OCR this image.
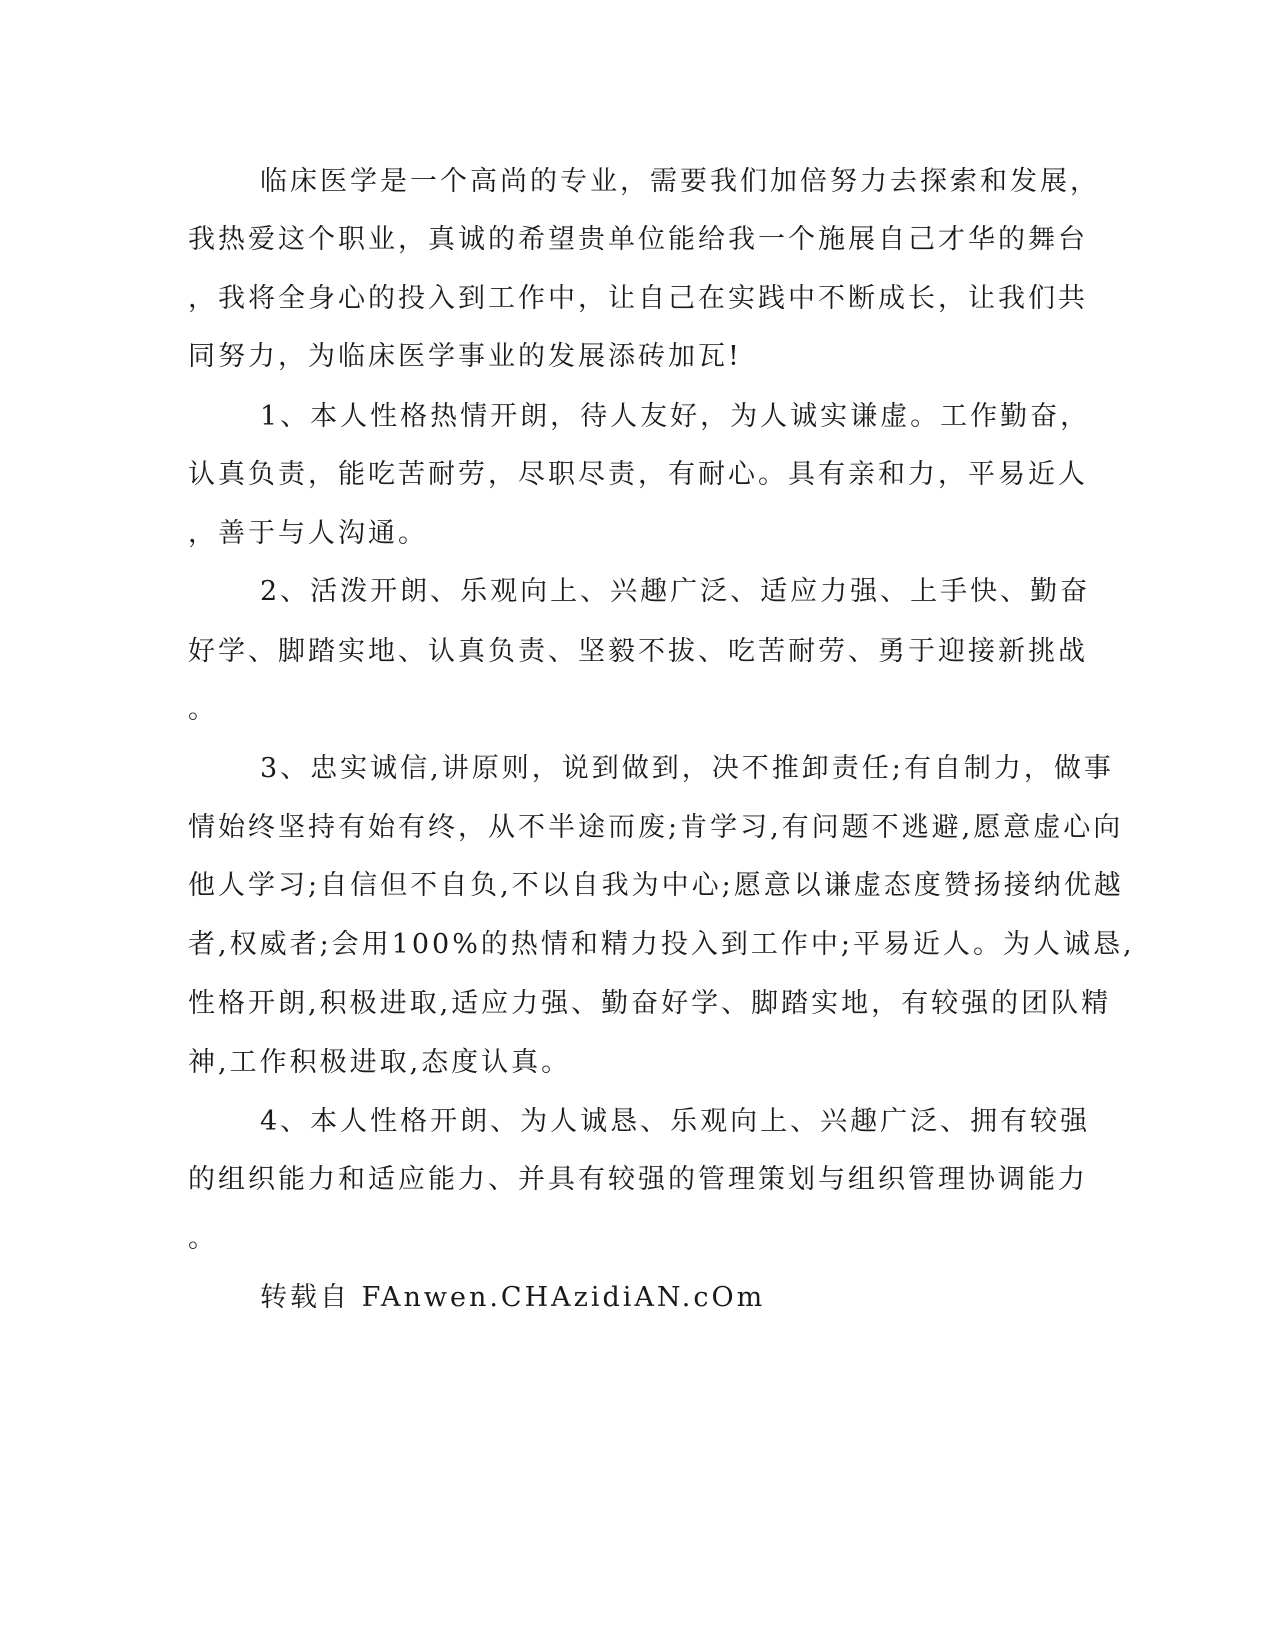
临床医学是一个高尚的专业，需要我们加倍努力去探索和发展，
我热爱这个职业，真诚的希望贵单位能给我一个施展自己才华的舞台
，我将全身心的投入到工作中，让自己在实践中不断成长，让我们共
同努力，为临床医学事业的发展添砖加瓦!
1、本人性格热情开朗，待人友好，为人诚实谦虚。工作勤奋，
认真负责，能吃苦耐劳，尽职尽责，有耐心。具有亲和力，平易近人
，善于与人沟通。
2、活泼开朗、乐观向上、兴趣广泛、适应力强、上手快、勤奋
好学、脚踏实地、认真负责、坚毅不拔、吃苦耐劳、勇于迎接新挑战
。
3、忠实诚信,讲原则，说到做到，决不推卸责任;有自制力，做事
情始终坚持有始有终，从不半途而废;肯学习,有问题不逃避,愿意虚心向
他人学习;自信但不自负,不以自我为中心;愿意以谦虚态度赞扬接纳优越
者,权威者;会用100%的热情和精力投入到工作中;平易近人。为人诚恳,
性格开朗,积极进取,适应力强、勤奋好学、脚踏实地，有较强的团队精
神,工作积极进取,态度认真。
4、本人性格开朗、为人诚恳、乐观向上、兴趣广泛、拥有较强
的组织能力和适应能力、并具有较强的管理策划与组织管理协调能力
。
转载自 FAnwen.CHAzidiAN.cOm
